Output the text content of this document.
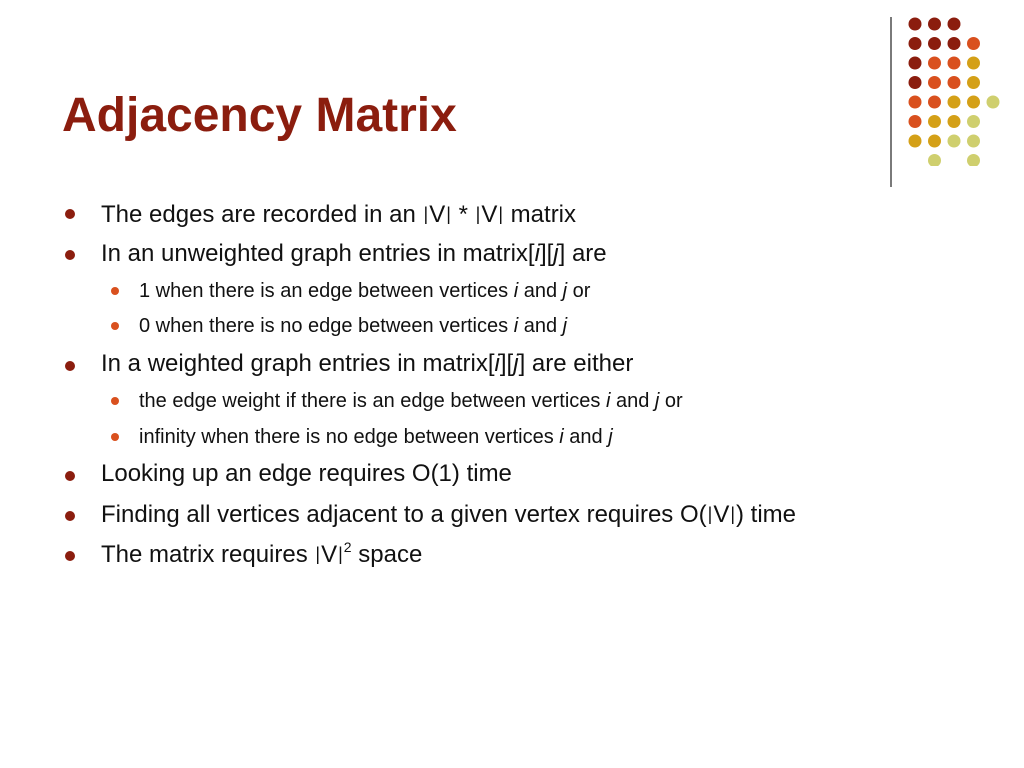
Adjacency Matrix
The edges are recorded in an |V| * |V| matrix
In an unweighted graph entries in matrix[i][j] are
1 when there is an edge between vertices i and j or
0 when there is no edge between vertices i and j
In a weighted graph entries in matrix[i][j] are either
the edge weight if there is an edge between vertices i and j or
infinity when there is no edge between vertices i and j
Looking up an edge requires O(1) time
Finding all vertices adjacent to a given vertex requires O(|V|) time
The matrix requires $|V|^2$ space
